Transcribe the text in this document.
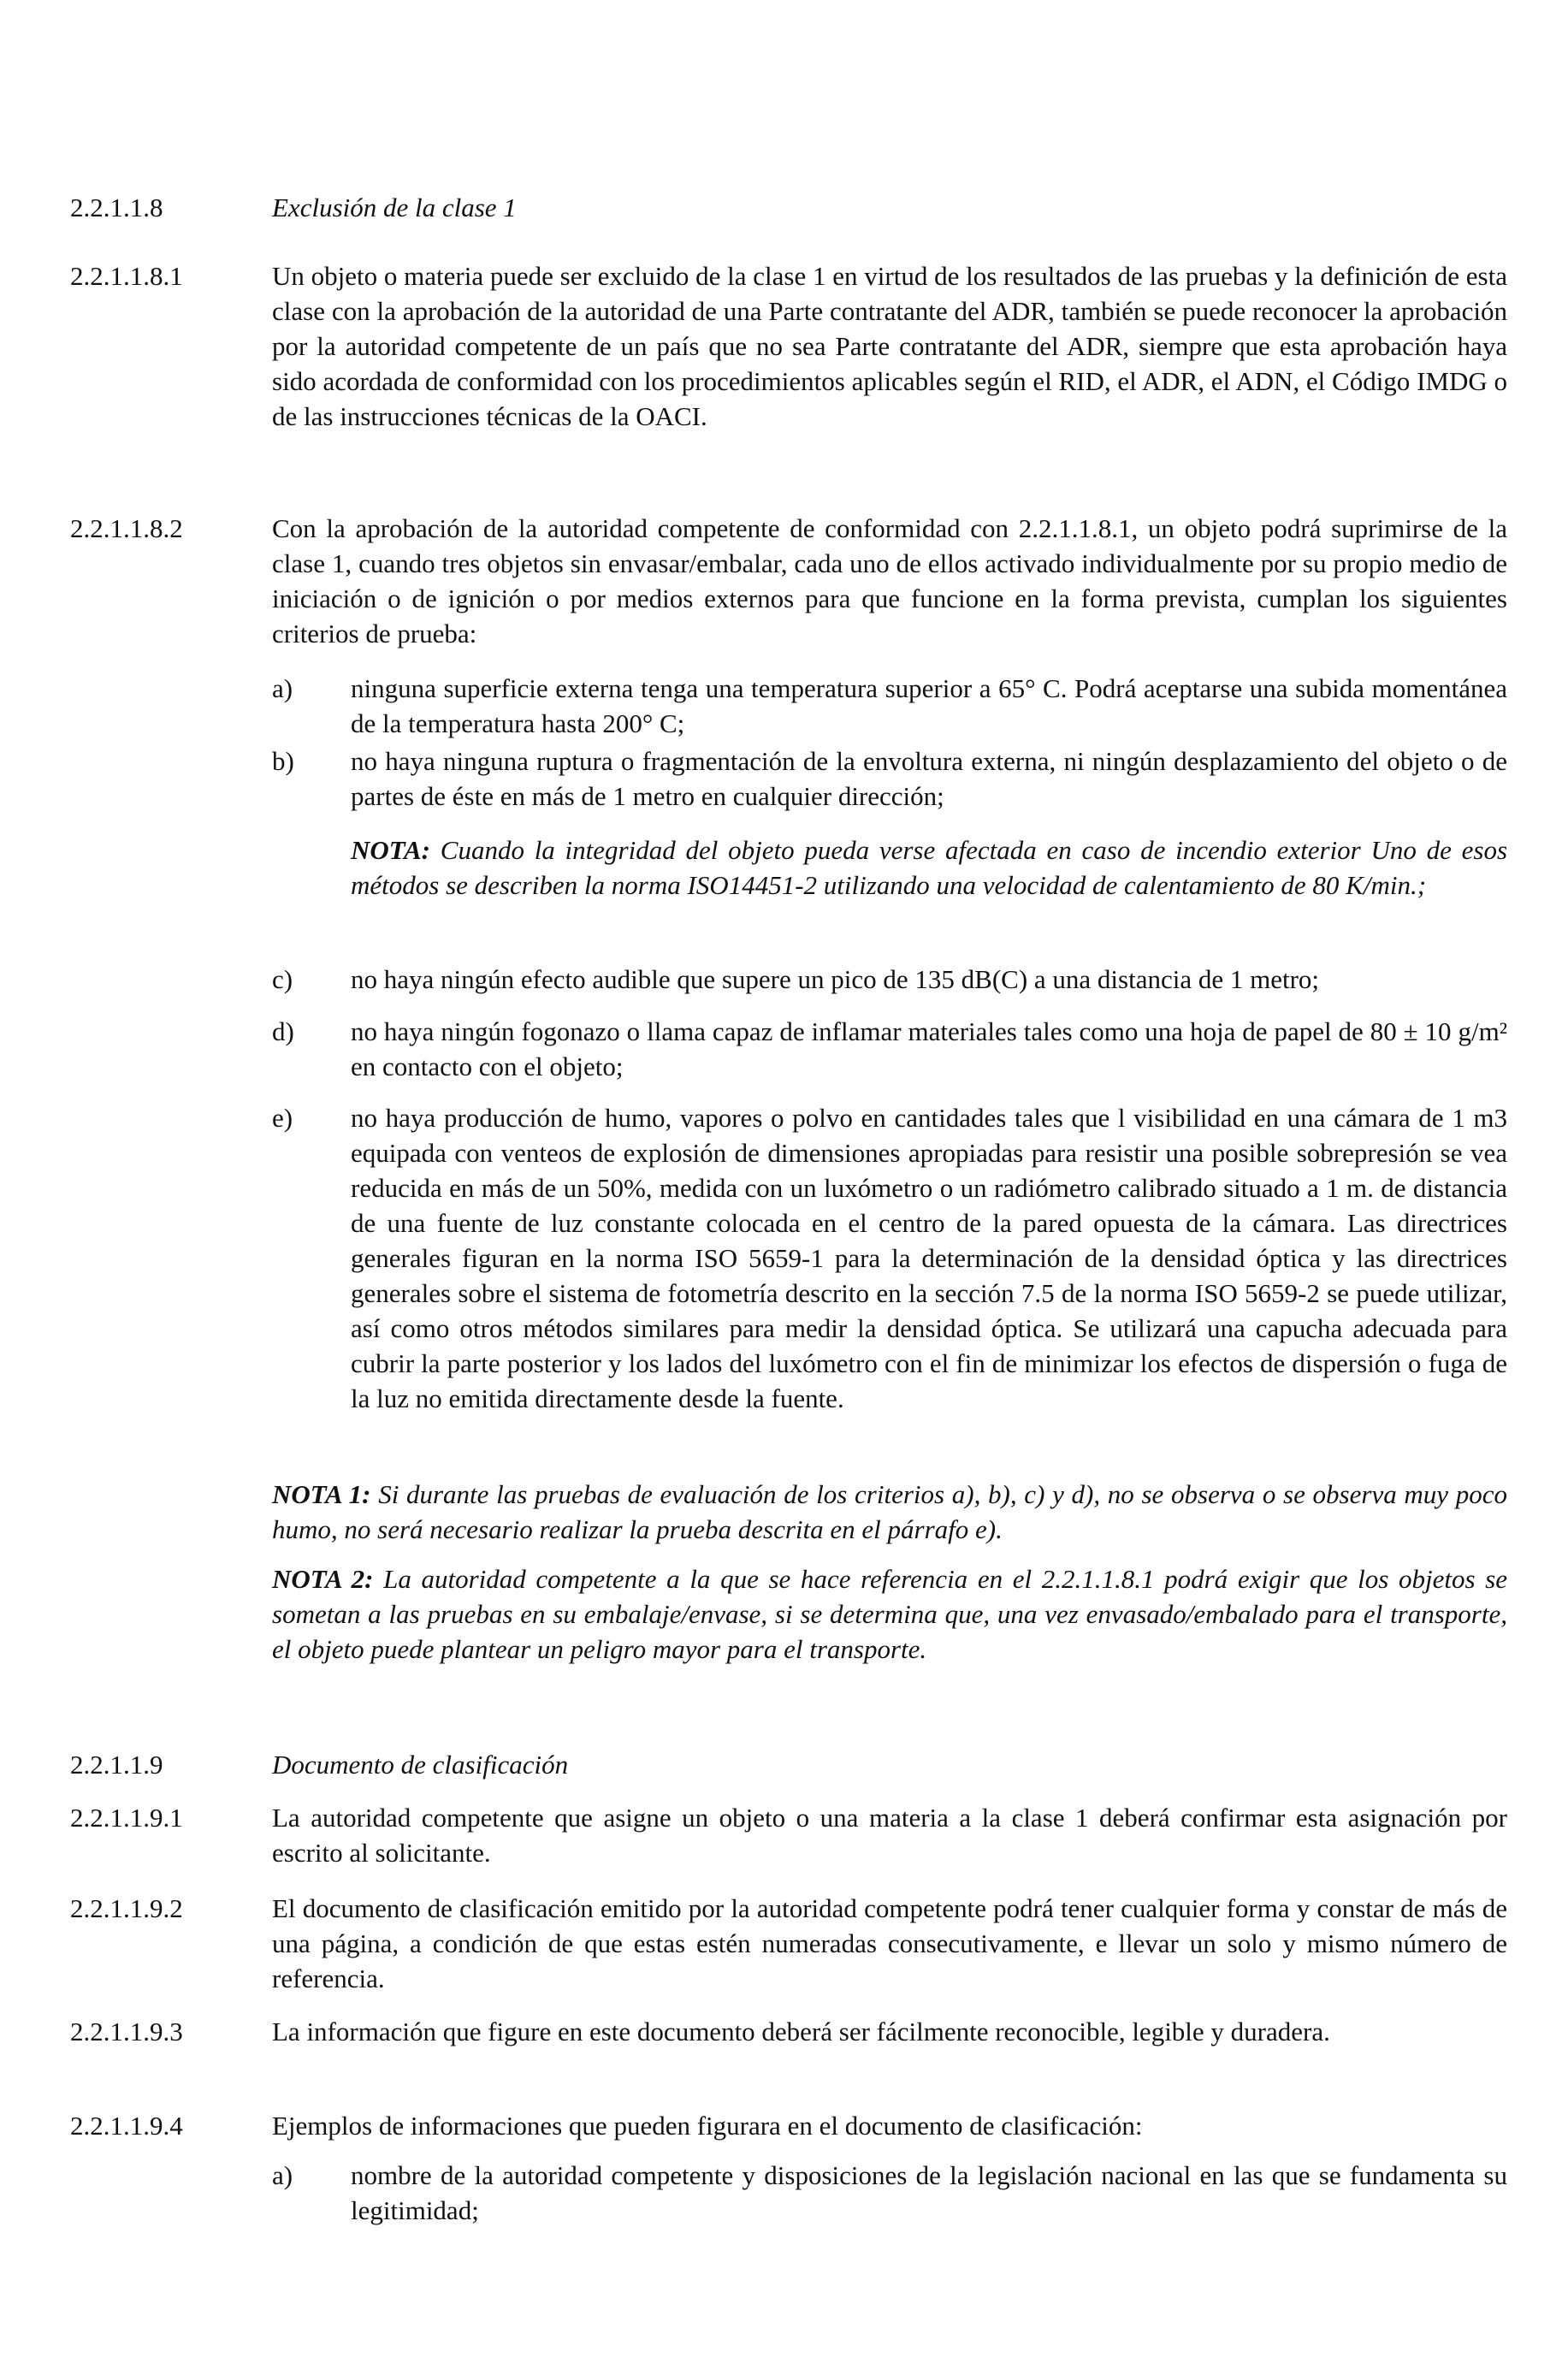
2.2.1.1.8	Exclusión de la clase 1
2.2.1.1.8.1	Un objeto o materia puede ser excluido de la clase 1 en virtud de los resultados de las pruebas y la definición de esta clase con la aprobación de la autoridad de una Parte contratante del ADR, también se puede reconocer la aprobación por la autoridad competente de un país que no sea Parte contratante del ADR, siempre que esta aprobación haya sido acordada de conformidad con los procedimientos aplicables según el RID, el ADR, el ADN, el Código IMDG o de las instrucciones técnicas de la OACI.
2.2.1.1.8.2	Con la aprobación de la autoridad competente de conformidad con 2.2.1.1.8.1, un objeto podrá suprimirse de la clase 1, cuando tres objetos sin envasar/embalar, cada uno de ellos activado individualmente por su propio medio de iniciación o de ignición o por medios externos para que funcione en la forma prevista, cumplan los siguientes criterios de prueba:
a)	ninguna superficie externa tenga una temperatura superior a 65° C. Podrá aceptarse una subida momentánea de la temperatura hasta 200° C;
b)	no haya ninguna ruptura o fragmentación de la envoltura externa, ni ningún desplazamiento del objeto o de partes de éste en más de 1 metro en cualquier dirección;
NOTA: Cuando la integridad del objeto pueda verse afectada en caso de incendio exterior Uno de esos métodos se describen la norma ISO14451-2 utilizando una velocidad de calentamiento de 80 K/min.;
c)	no haya ningún efecto audible que supere un pico de 135 dB(C) a una distancia de 1 metro;
d)	no haya ningún fogonazo o llama capaz de inflamar materiales tales como una hoja de papel de 80 ± 10 g/m² en contacto con el objeto;
e)	no haya producción de humo, vapores o polvo en cantidades tales que l visibilidad en una cámara de 1 m3 equipada con venteos de explosión de dimensiones apropiadas para resistir una posible sobrepresión se vea reducida en más de un 50%, medida con un luxómetro o un radiómetro calibrado situado a 1 m. de distancia de una fuente de luz constante colocada en el centro de la pared opuesta de la cámara. Las directrices generales figuran en la norma ISO 5659-1 para la determinación de la densidad óptica y las directrices generales sobre el sistema de fotometría descrito en la sección 7.5 de la norma ISO 5659-2 se puede utilizar, así como otros métodos similares para medir la densidad óptica. Se utilizará una capucha adecuada para cubrir la parte posterior y los lados del luxómetro con el fin de minimizar los efectos de dispersión o fuga de la luz no emitida directamente desde la fuente.
NOTA 1: Si durante las pruebas de evaluación de los criterios a), b), c) y d), no se observa o se observa muy poco humo, no será necesario realizar la prueba descrita en el párrafo e).
NOTA 2: La autoridad competente a la que se hace referencia en el 2.2.1.1.8.1 podrá exigir que los objetos se sometan a las pruebas en su embalaje/envase, si se determina que, una vez envasado/embalado para el transporte, el objeto puede plantear un peligro mayor para el transporte.
2.2.1.1.9	Documento de clasificación
2.2.1.1.9.1	La autoridad competente que asigne un objeto o una materia a la clase 1 deberá confirmar esta asignación por escrito al solicitante.
2.2.1.1.9.2	El documento de clasificación emitido por la autoridad competente podrá tener cualquier forma y constar de más de una página, a condición de que estas estén numeradas consecutivamente, e llevar un solo y mismo número de referencia.
2.2.1.1.9.3	La información que figure en este documento deberá ser fácilmente reconocible, legible y duradera.
2.2.1.1.9.4	Ejemplos de informaciones que pueden figurara en el documento de clasificación:
a)	nombre de la autoridad competente y disposiciones de la legislación nacional en las que se fundamenta su legitimidad;
